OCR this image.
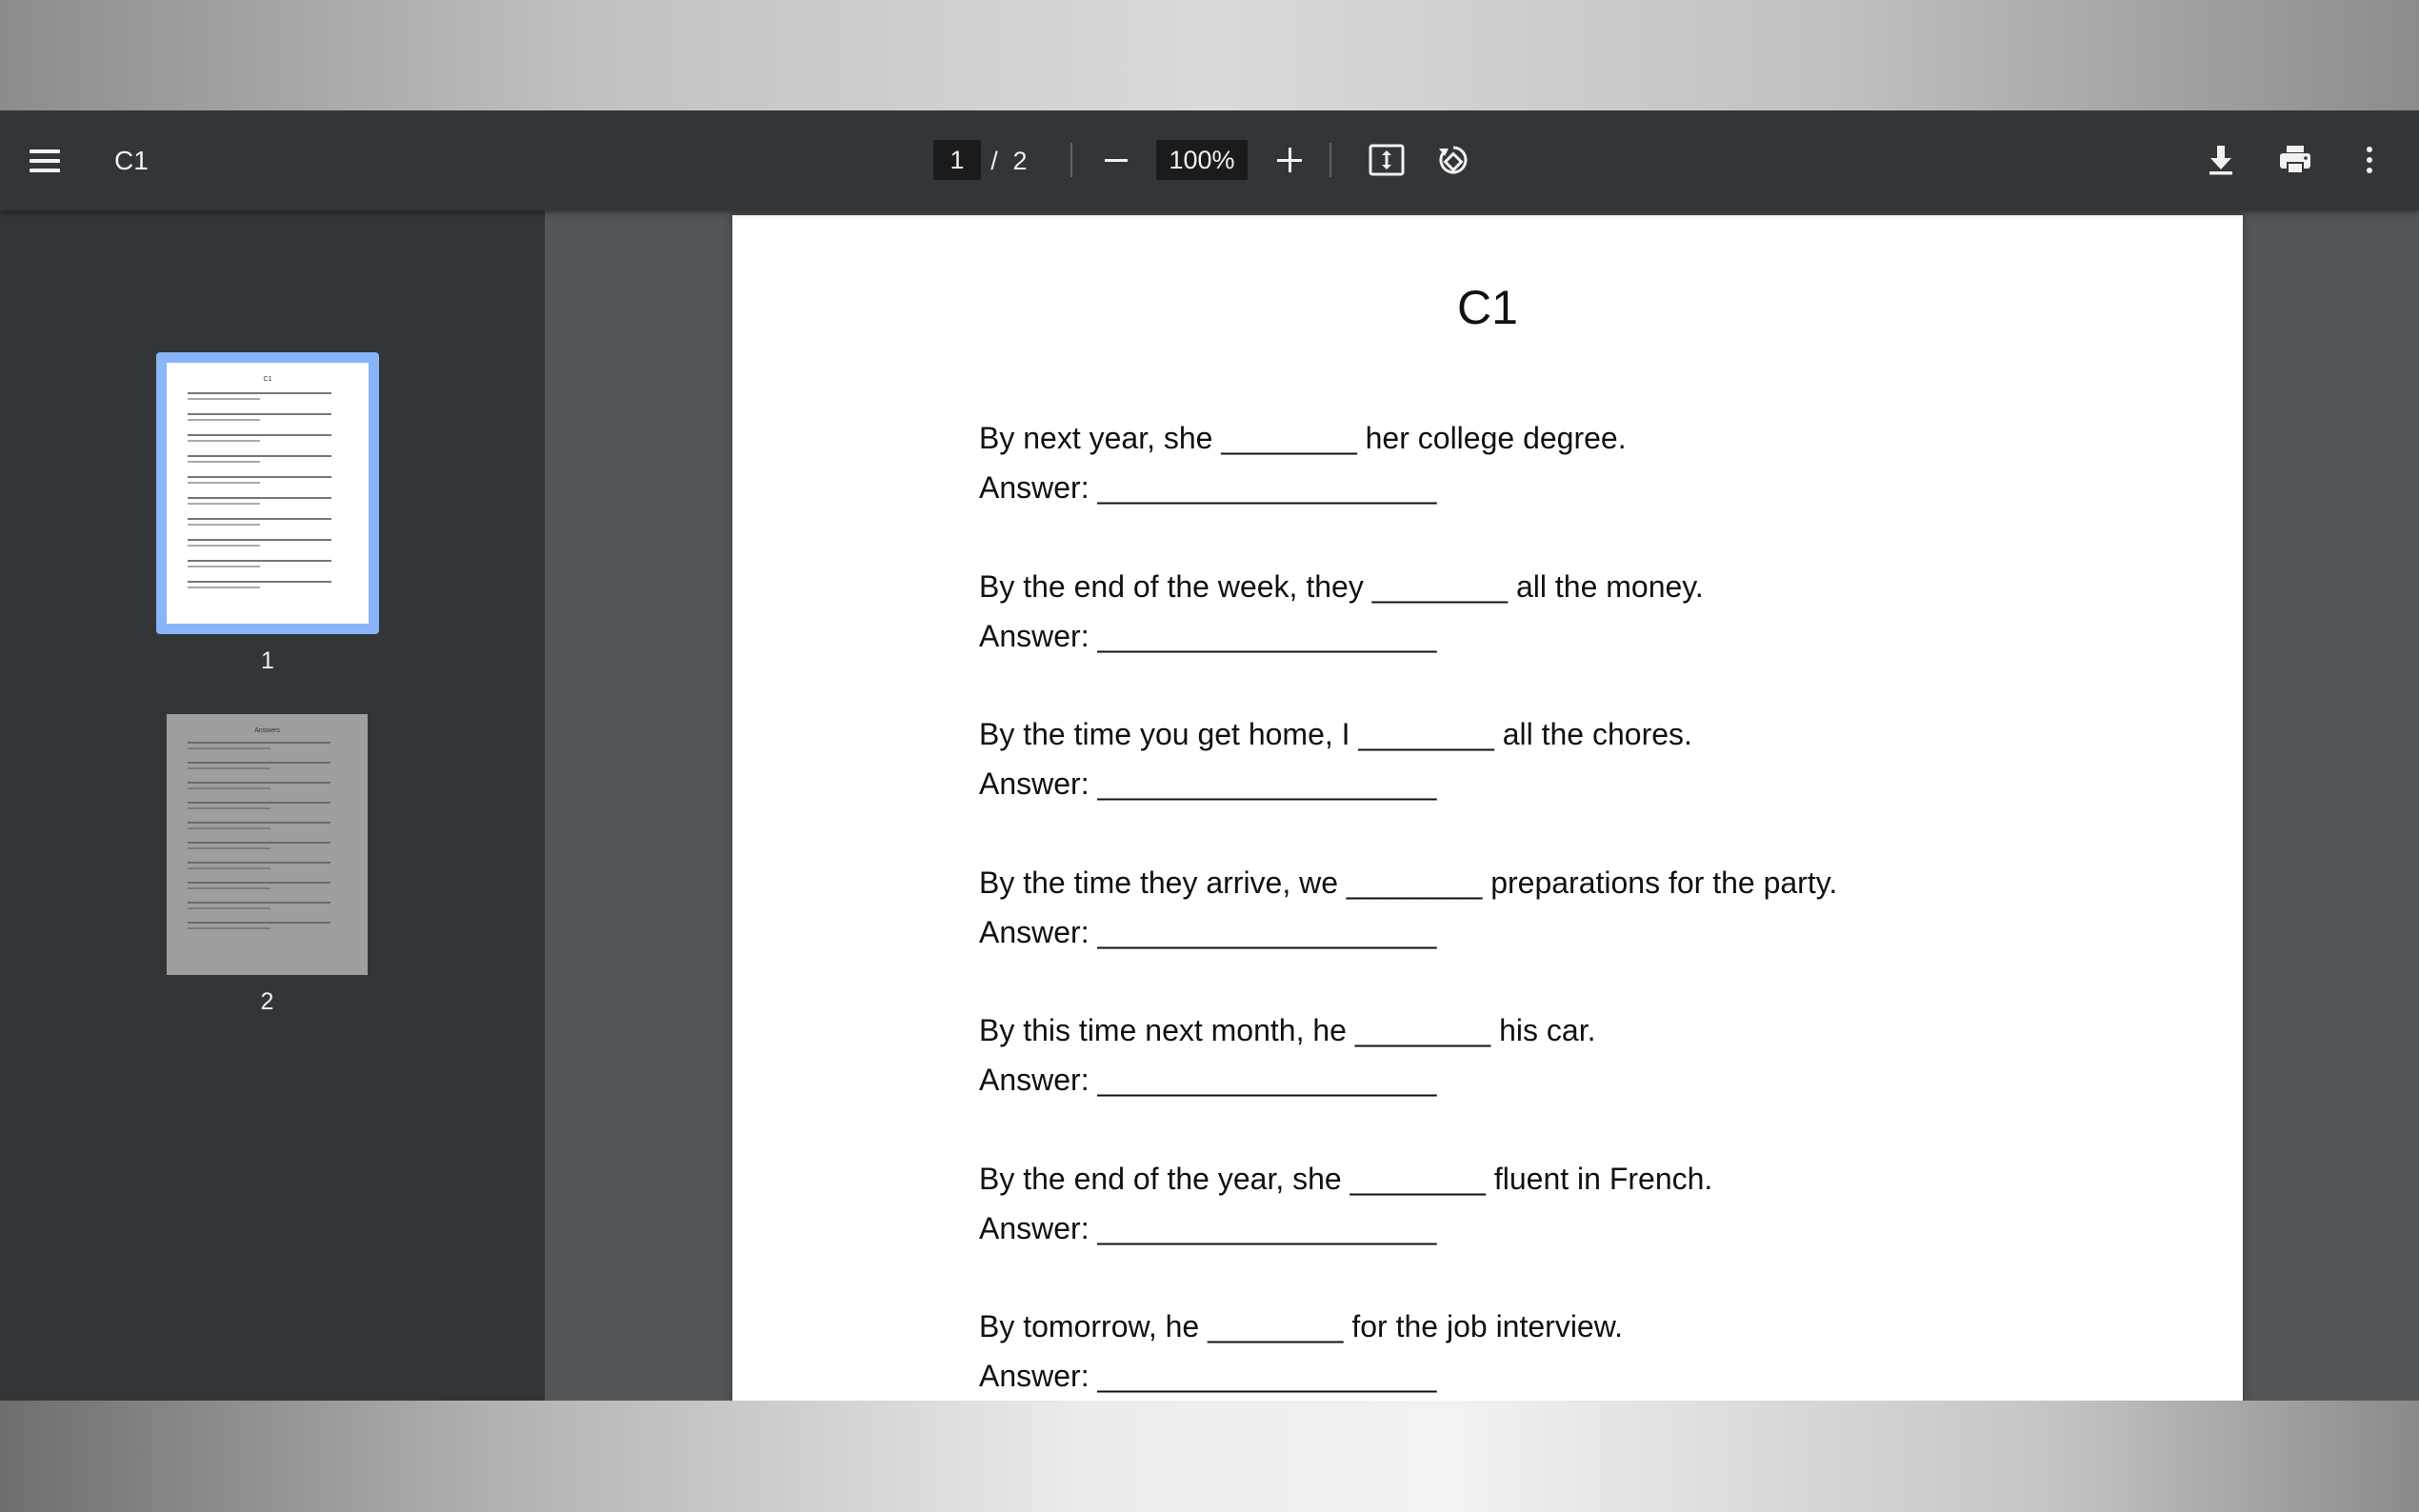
C1	1	/ 2	100%
C1
1
Answers
2
C1
By next year, she ________ her college degree.
Answer: ____________________
By the end of the week, they ________ all the money.
Answer: ____________________
By the time you get home, I ________ all the chores.
Answer: ____________________
By the time they arrive, we ________ preparations for the party.
Answer: ____________________
By this time next month, he ________ his car.
Answer: ____________________
By the end of the year, she ________ fluent in French.
Answer: ____________________
By tomorrow, he ________ for the job interview.
Answer: ____________________
